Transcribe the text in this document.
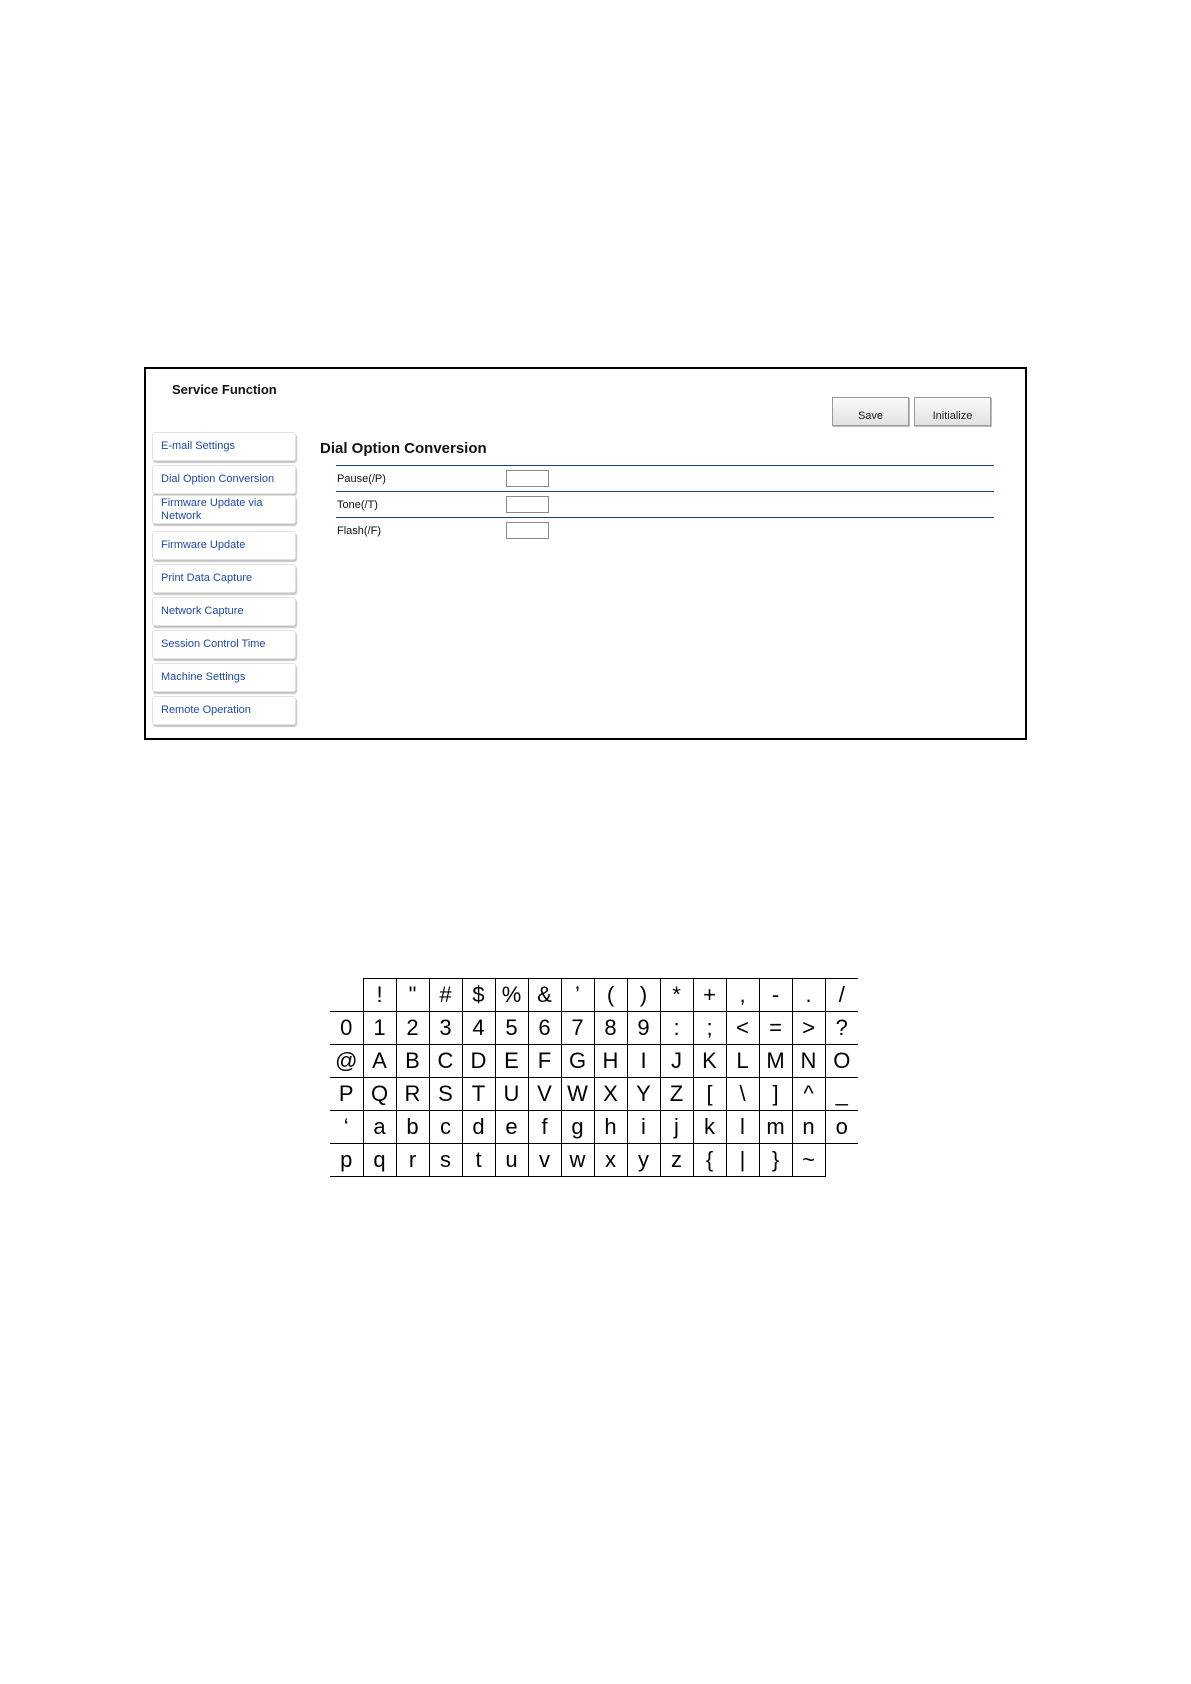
Service Function
Save	Initialize
E-mail Settings
Dial Option Conversion
Firmware Update via Network
Firmware Update
Print Data Capture
Network Capture
Session Control Time
Machine Settings
Remote Operation
Dial Option Conversion
Pause(/P)
Tone(/T)
Flash(/F)
	!	"	#	$	%	&	’	(	)	*	+	,	-	.	/
0	1	2	3	4	5	6	7	8	9	:	;	<	=	>	?
@	A	B	C	D	E	F	G	H	I	J	K	L	M	N	O
P	Q	R	S	T	U	V	W	X	Y	Z	[	\	]	^	_
‘	a	b	c	d	e	f	g	h	i	j	k	l	m	n	o
p	q	r	s	t	u	v	w	x	y	z	{	|	}	~	
